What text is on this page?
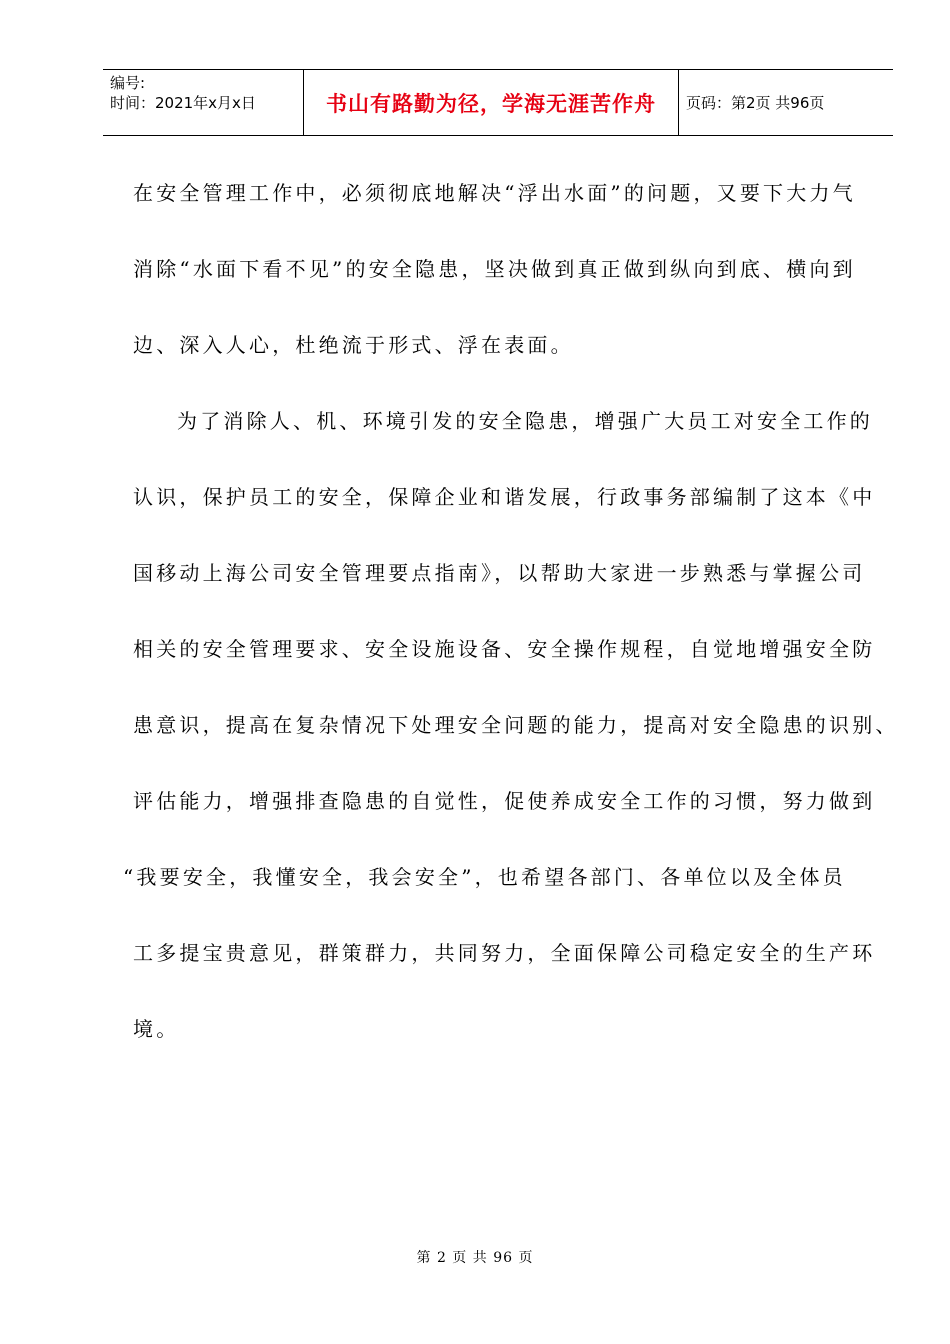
编号:
时间：2021年x月x日	书山有路勤为径，学海无涯苦作舟	页码：第2页 共96页
在安全管理工作中，必须彻底地解决“浮出水面”的问题，又要下大力气
消除“水面下看不见”的安全隐患，坚决做到真正做到纵向到底、横向到
边、深入人心，杜绝流于形式、浮在表面。
为了消除人、机、环境引发的安全隐患，增强广大员工对安全工作的
认识，保护员工的安全，保障企业和谐发展，行政事务部编制了这本《中
国移动上海公司安全管理要点指南》，以帮助大家进一步熟悉与掌握公司
相关的安全管理要求、安全设施设备、安全操作规程，自觉地增强安全防
患意识，提高在复杂情况下处理安全问题的能力，提高对安全隐患的识别、
评估能力，增强排查隐患的自觉性，促使养成安全工作的习惯，努力做到
“我要安全，我懂安全，我会安全”，也希望各部门、各单位以及全体员
工多提宝贵意见，群策群力，共同努力，全面保障公司稳定安全的生产环
境。
第 2 页 共 96 页
